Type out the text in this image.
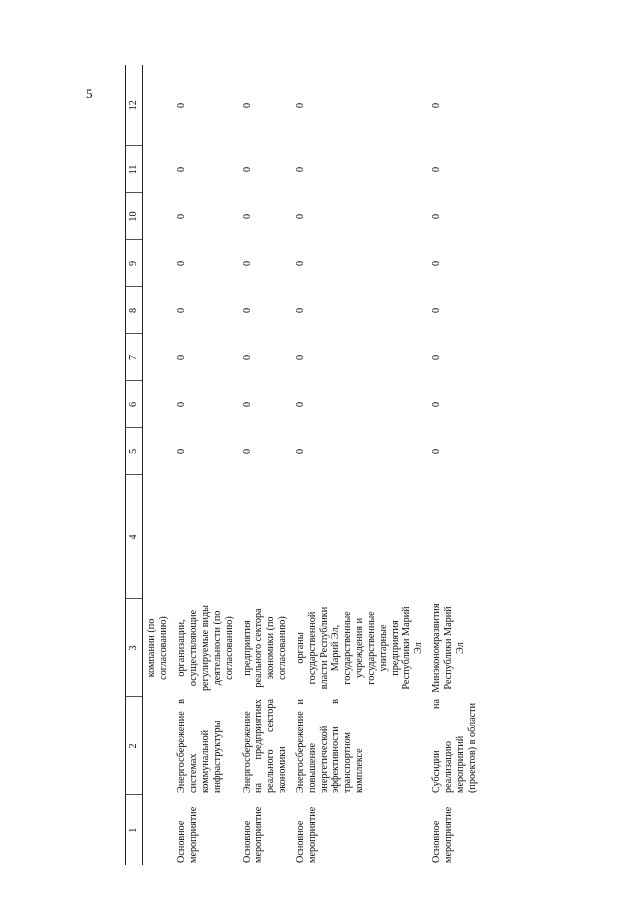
5
1	2	3	4	5	6	7	8	9	10	11	12
		компании (по согласованию)									
Основное мероприятие	Энергосбережение в системах коммунальной инфраструктуры	организации, осуществляющие регулируемые виды деятельности (по согласованию)		0	0	0	0	0	0	0	0
Основное мероприятие	Энергосбережение на предприятиях реального сектора экономики	предприятия реального сектора экономики (по согласованию)		0	0	0	0	0	0	0	0
Основное мероприятие	Энергосбережение и повышение энергетической эффективности в транспортном комплексе	органы государственной власти Республики Марий Эл, государственные учреждения и государственные унитарные предприятия Республики Марий Эл		0	0	0	0	0	0	0	0
Основное мероприятие	Субсидии на реализацию мероприятий (проектов) в области	Минэкономразвития Республики Марий Эл		0	0	0	0	0	0	0	0
